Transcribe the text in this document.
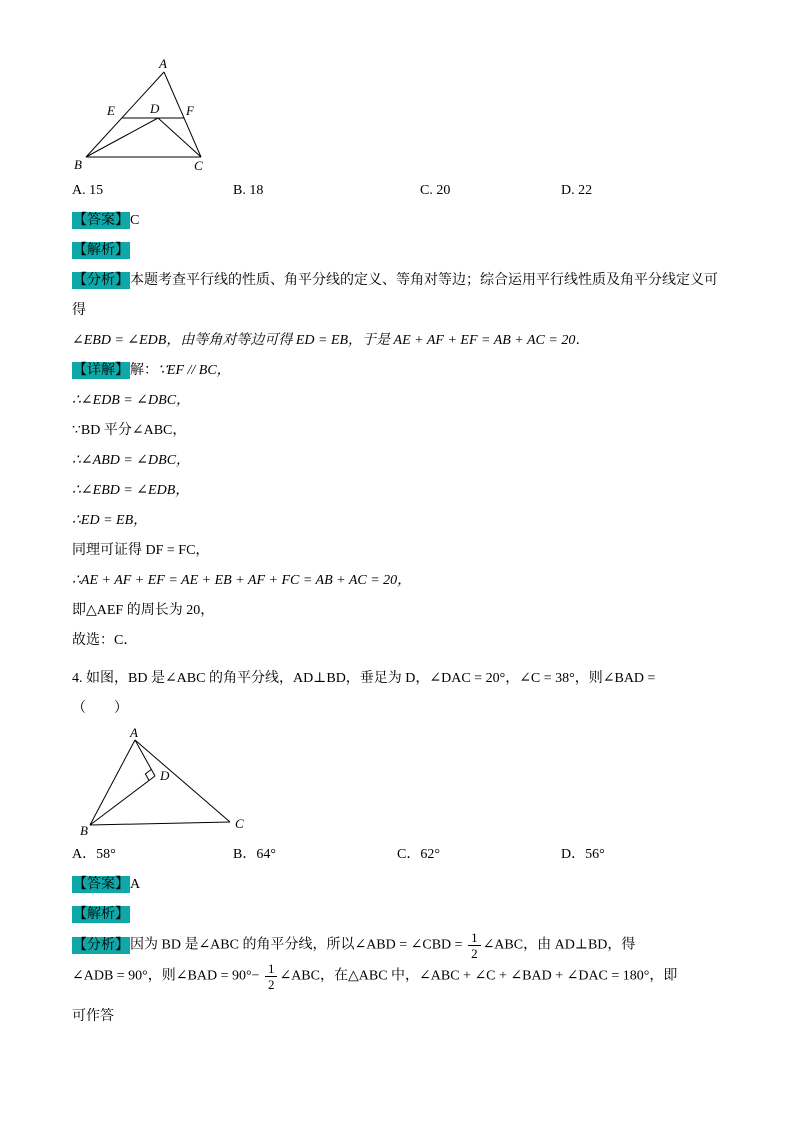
A
E	D F
B	C
A. 15	B. 18	C. 20	D. 22

【答案】C

【解析】

【分析】本题考查平行线的性质、角平分线的定义、等角对等边；综合运用平行线性质及角平分线定义可得

∠EBD = ∠EDB，由等角对等边可得 ED = EB，于是 AE + AF + EF = AB + AC = 20．

【详解】解：∵EF // BC，

∴∠EDB = ∠DBC，

∵BD 平分∠ABC，

∴∠ABD = ∠DBC，

∴∠EBD = ∠EDB，

∴ED = EB，

同理可证得 DF = FC，

∴AE + AF + EF = AE + EB + AF + FC = AB + AC = 20，

即△AEF 的周长为 20，

故选：C．

4. 如图，BD 是∠ABC 的角平分线，AD⊥BD，垂足为 D，∠DAC = 20°，∠C = 38°，则∠BAD =

（　　）

A
D
B	C
A．58°	B．64°	C．62°	D．56°

【答案】A

【解析】

【分析】因为 BD 是∠ABC 的角平分线，所以∠ABD = ∠CBD = $\frac{1}{2}$ ∠ABC，由 AD⊥BD，得

∠ADB = 90°，则∠BAD = $90^\circ- \frac{1}{2}$ ∠ABC，在△ABC 中，∠ABC + ∠C + ∠BAD + ∠DAC = 180°，即

可作答
